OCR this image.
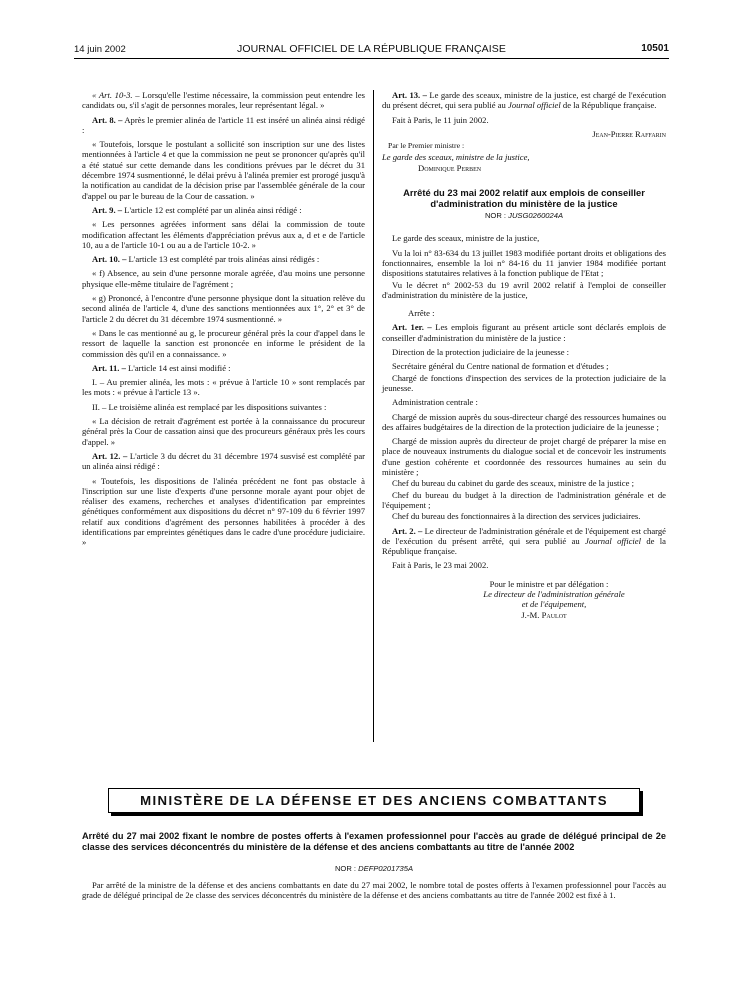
14 juin 2002	JOURNAL OFFICIEL DE LA RÉPUBLIQUE FRANÇAISE	10501

« Art. 10-3. – Lorsqu'elle l'estime nécessaire, la commission peut entendre les candidats ou, s'il s'agit de personnes morales, leur représentant légal. »

Art. 8. – Après le premier alinéa de l'article 11 est inséré un alinéa ainsi rédigé :

« Toutefois, lorsque le postulant a sollicité son inscription sur une des listes mentionnées à l'article 4 et que la commission ne peut se prononcer qu'après qu'il a été statué sur cette demande dans les conditions prévues par le décret du 31 décembre 1974 susmentionné, le délai prévu à l'alinéa premier est prorogé jusqu'à la notification au candidat de la décision prise par l'assemblée générale de la cour d'appel ou par le bureau de la Cour de cassation. »

Art. 9. – L'article 12 est complété par un alinéa ainsi rédigé :

« Les personnes agréées informent sans délai la commission de toute modification affectant les éléments d'appréciation prévus aux a, d et e de l'article 10, au a de l'article 10-1 ou au a de l'article 10-2. »

Art. 10. – L'article 13 est complété par trois alinéas ainsi rédigés :

« f) Absence, au sein d'une personne morale agréée, d'au moins une personne physique elle-même titulaire de l'agrément ;

« g) Prononcé, à l'encontre d'une personne physique dont la situation relève du second alinéa de l'article 4, d'une des sanctions mentionnées aux 1°, 2° et 3° de l'article 2 du décret du 31 décembre 1974 susmentionné. »

« Dans le cas mentionné au g, le procureur général près la cour d'appel dans le ressort de laquelle la sanction est prononcée en informe le président de la commission dès qu'il en a connaissance. »

Art. 11. – L'article 14 est ainsi modifié :

I. – Au premier alinéa, les mots : « prévue à l'article 10 » sont remplacés par les mots : « prévue à l'article 13 ».

II. – Le troisième alinéa est remplacé par les dispositions suivantes :

« La décision de retrait d'agrément est portée à la connaissance du procureur général près la Cour de cassation ainsi que des procureurs généraux près les cours d'appel. »

Art. 12. – L'article 3 du décret du 31 décembre 1974 susvisé est complété par un alinéa ainsi rédigé :

« Toutefois, les dispositions de l'alinéa précédent ne font pas obstacle à l'inscription sur une liste d'experts d'une personne morale ayant pour objet de réaliser des examens, recherches et analyses d'identification par empreintes génétiques conformément aux dispositions du décret n° 97-109 du 6 février 1997 relatif aux conditions d'agrément des personnes habilitées à procéder à des identifications par empreintes génétiques dans le cadre d'une procédure judiciaire. »

Art. 13. – Le garde des sceaux, ministre de la justice, est chargé de l'exécution du présent décret, qui sera publié au Journal officiel de la République française.

Fait à Paris, le 11 juin 2002.

Jean-Pierre Raffarin

Par le Premier ministre :

Le garde des sceaux, ministre de la justice,

Dominique Perben

Arrêté du 23 mai 2002 relatif aux emplois de conseiller d'administration du ministère de la justice

NOR : JUSG0260024A

Le garde des sceaux, ministre de la justice,

Vu la loi n° 83-634 du 13 juillet 1983 modifiée portant droits et obligations des fonctionnaires, ensemble la loi n° 84-16 du 11 janvier 1984 modifiée portant dispositions statutaires relatives à la fonction publique de l'Etat ;

Vu le décret n° 2002-53 du 19 avril 2002 relatif à l'emploi de conseiller d'administration du ministère de la justice,

Arrête :

Art. 1er. – Les emplois figurant au présent article sont déclarés emplois de conseiller d'administration du ministère de la justice :

Direction de la protection judiciaire de la jeunesse :

Secrétaire général du Centre national de formation et d'études ;

Chargé de fonctions d'inspection des services de la protection judiciaire de la jeunesse.

Administration centrale :

Chargé de mission auprès du sous-directeur chargé des ressources humaines ou des affaires budgétaires de la direction de la protection judiciaire de la jeunesse ;

Chargé de mission auprès du directeur de projet chargé de préparer la mise en place de nouveaux instruments du dialogue social et de concevoir les instruments d'une gestion cohérente et coordonnée des ressources humaines au sein du ministère ;

Chef du bureau du cabinet du garde des sceaux, ministre de la justice ;

Chef du bureau du budget à la direction de l'administration générale et de l'équipement ;

Chef du bureau des fonctionnaires à la direction des services judiciaires.

Art. 2. – Le directeur de l'administration générale et de l'équipement est chargé de l'exécution du présent arrêté, qui sera publié au Journal officiel de la République française.

Fait à Paris, le 23 mai 2002.

Pour le ministre et par délégation :

Le directeur de l'administration générale

et de l'équipement,

J.-M. Paulot

MINISTÈRE DE LA DÉFENSE ET DES ANCIENS COMBATTANTS
Arrêté du 27 mai 2002 fixant le nombre de postes offerts à l'examen professionnel pour l'accès au grade de délégué principal de 2e classe des services déconcentrés du ministère de la défense et des anciens combattants au titre de l'année 2002
NOR : DEFP0201735A
Par arrêté de la ministre de la défense et des anciens combattants en date du 27 mai 2002, le nombre total de postes offerts à l'examen professionnel pour l'accès au grade de délégué principal de 2e classe des services déconcentrés du ministère de la défense et des anciens combattants au titre de l'année 2002 est fixé à 1.
